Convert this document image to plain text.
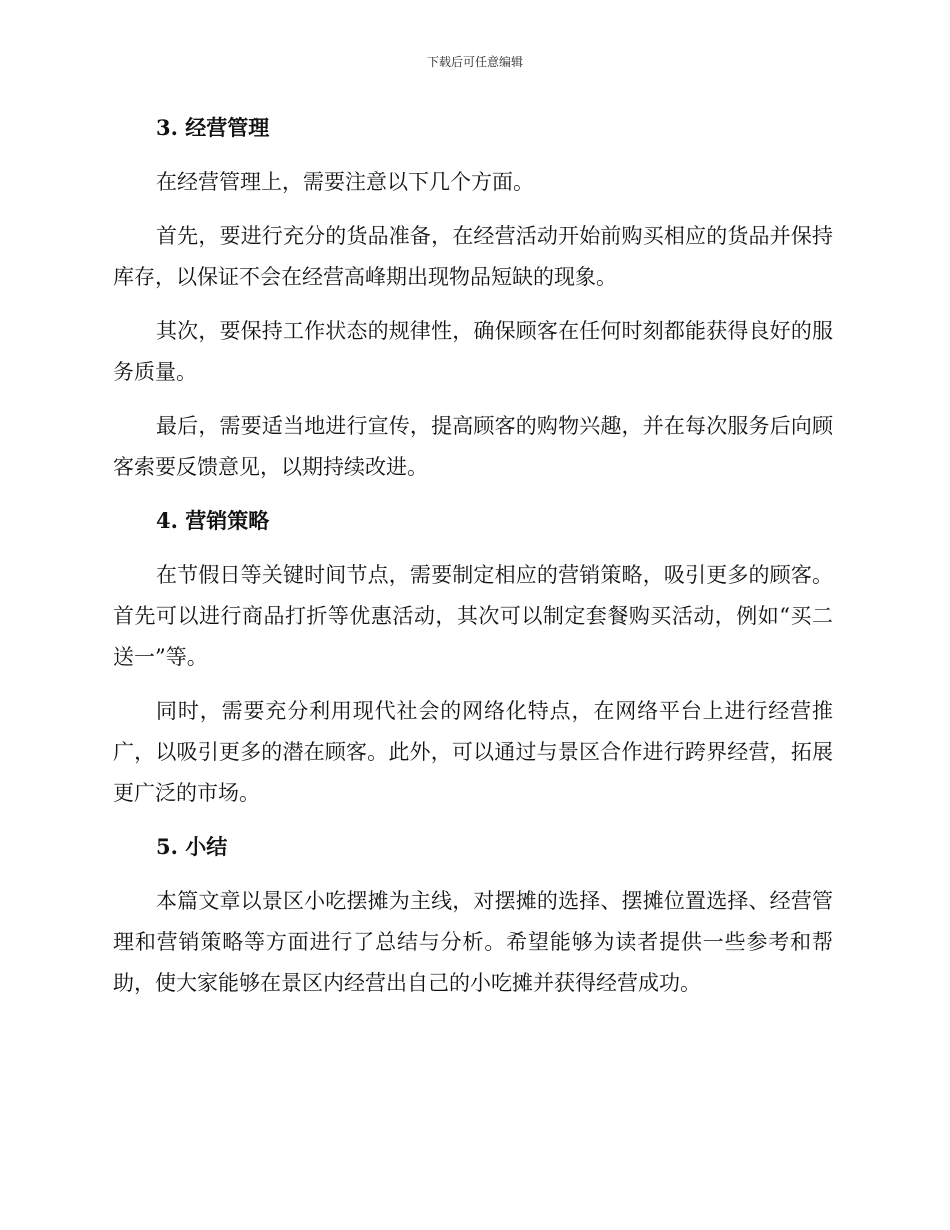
下载后可任意编辑
3. 经营管理

在经营管理上，需要注意以下几个方面。

首先，要进行充分的货品准备，在经营活动开始前购买相应的货品并保持库存，以保证不会在经营高峰期出现物品短缺的现象。

其次，要保持工作状态的规律性，确保顾客在任何时刻都能获得良好的服务质量。

最后，需要适当地进行宣传，提高顾客的购物兴趣，并在每次服务后向顾客索要反馈意见，以期持续改进。

4. 营销策略

在节假日等关键时间节点，需要制定相应的营销策略，吸引更多的顾客。首先可以进行商品打折等优惠活动，其次可以制定套餐购买活动，例如“买二送一”等。

同时，需要充分利用现代社会的网络化特点，在网络平台上进行经营推广，以吸引更多的潜在顾客。此外，可以通过与景区合作进行跨界经营，拓展更广泛的市场。

5. 小结

本篇文章以景区小吃摆摊为主线，对摆摊的选择、摆摊位置选择、经营管理和营销策略等方面进行了总结与分析。希望能够为读者提供一些参考和帮助，使大家能够在景区内经营出自己的小吃摊并获得经营成功。
